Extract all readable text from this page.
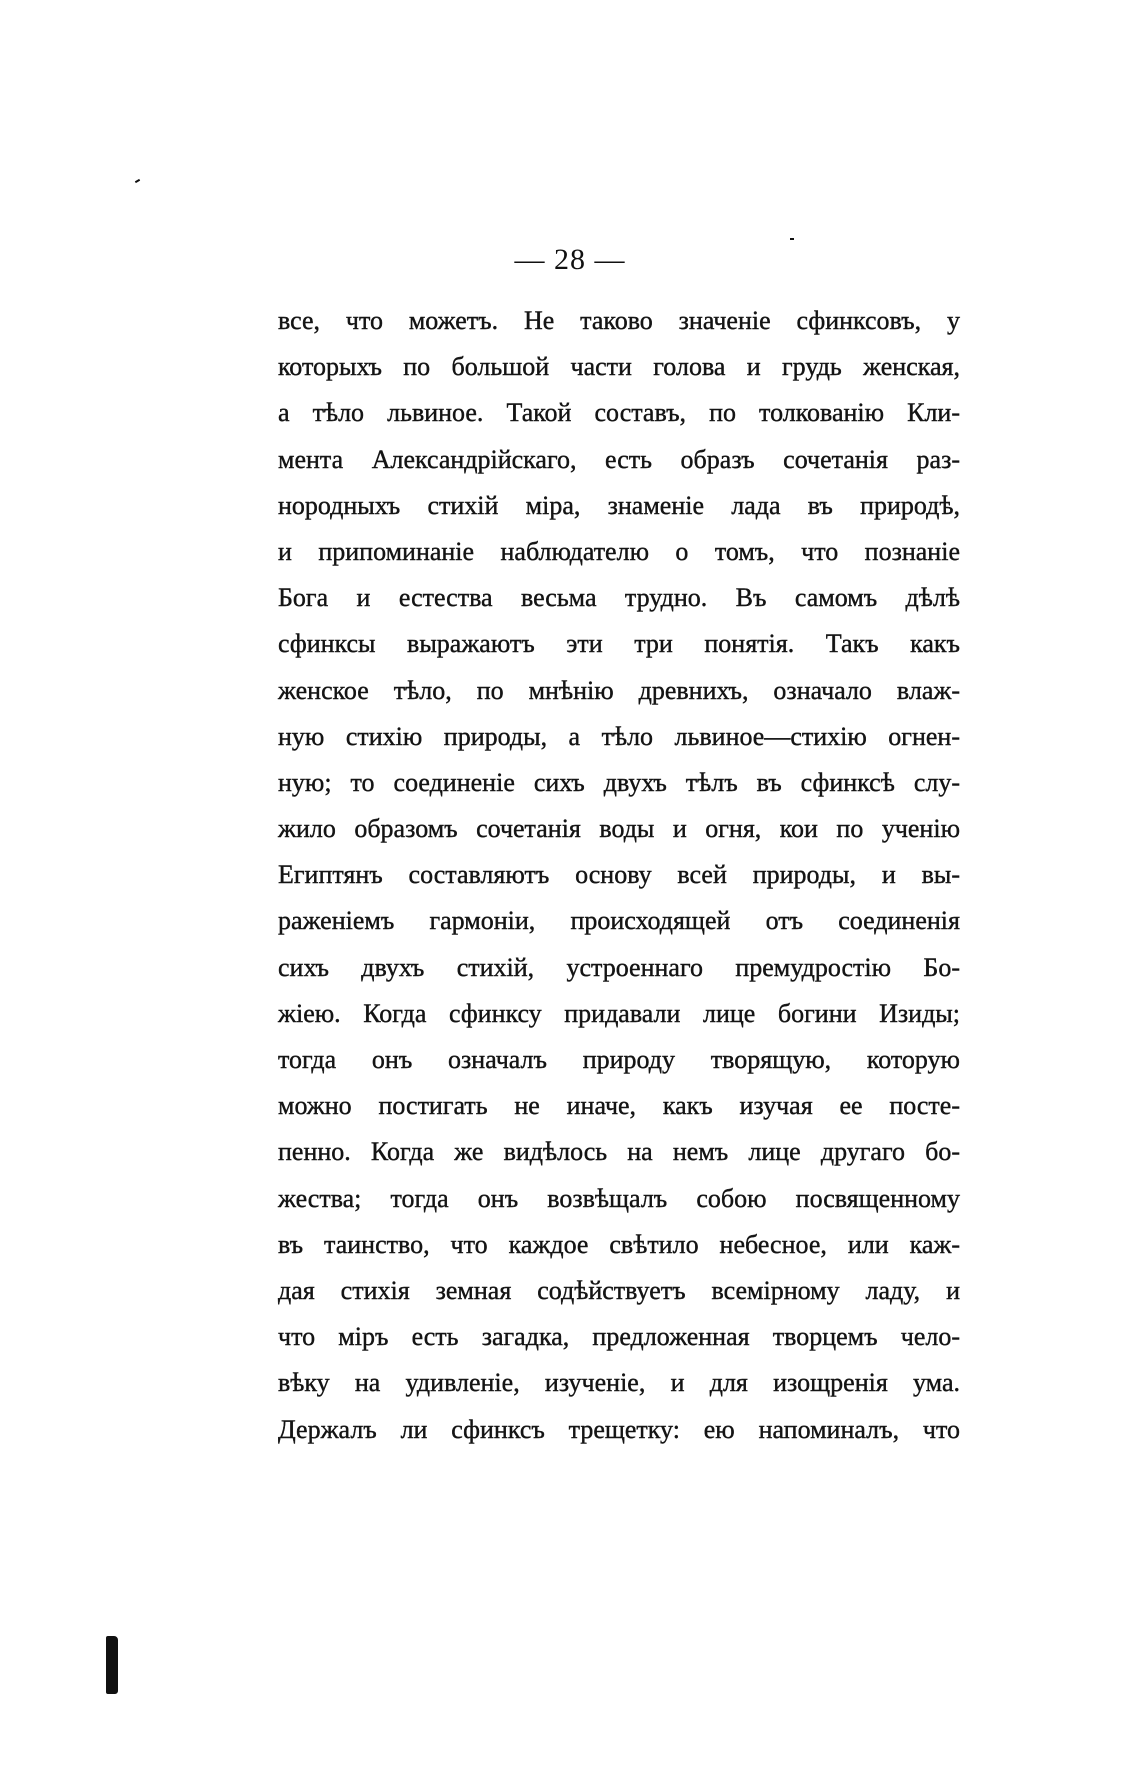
— 28 —
все, что можетъ. Не таково значеніе сфинксовъ, у
которыхъ по большой части голова и грудь женская,
а тѣло львиное. Такой составъ, по толкованію Кли-
мента Александрійскаго, есть образъ сочетанія раз-
нородныхъ стихій міра, знаменіе лада въ природѣ,
и припоминаніе наблюдателю о томъ, что познаніе
Бога и естества весьма трудно. Въ самомъ дѣлѣ
сфинксы выражаютъ эти три понятія. Такъ какъ
женское тѣло, по мнѣнію древнихъ, означало влаж-
ную стихію природы, а тѣло львиное—стихію огнен-
ную; то соединеніе сихъ двухъ тѣлъ въ сфинксѣ слу-
жило образомъ сочетанія воды и огня, кои по ученію
Египтянъ составляютъ основу всей природы, и вы-
раженіемъ гармоніи, происходящей отъ соединенія
сихъ двухъ стихій, устроеннаго премудростію Бо-
жіею. Когда сфинксу придавали лице богини Изиды;
тогда онъ означалъ природу творящую, которую
можно постигать не иначе, какъ изучая ее посте-
пенно. Когда же видѣлось на немъ лице другаго бо-
жества; тогда онъ возвѣщалъ собою посвященному
въ таинство, что каждое свѣтило небесное, или каж-
дая стихія земная содѣйствуетъ всемірному ладу, и
что міръ есть загадка, предложенная творцемъ чело-
вѣку на удивленіе, изученіе, и для изощренія ума.
Держалъ ли сфинксъ трещетку: ею напоминалъ, что
